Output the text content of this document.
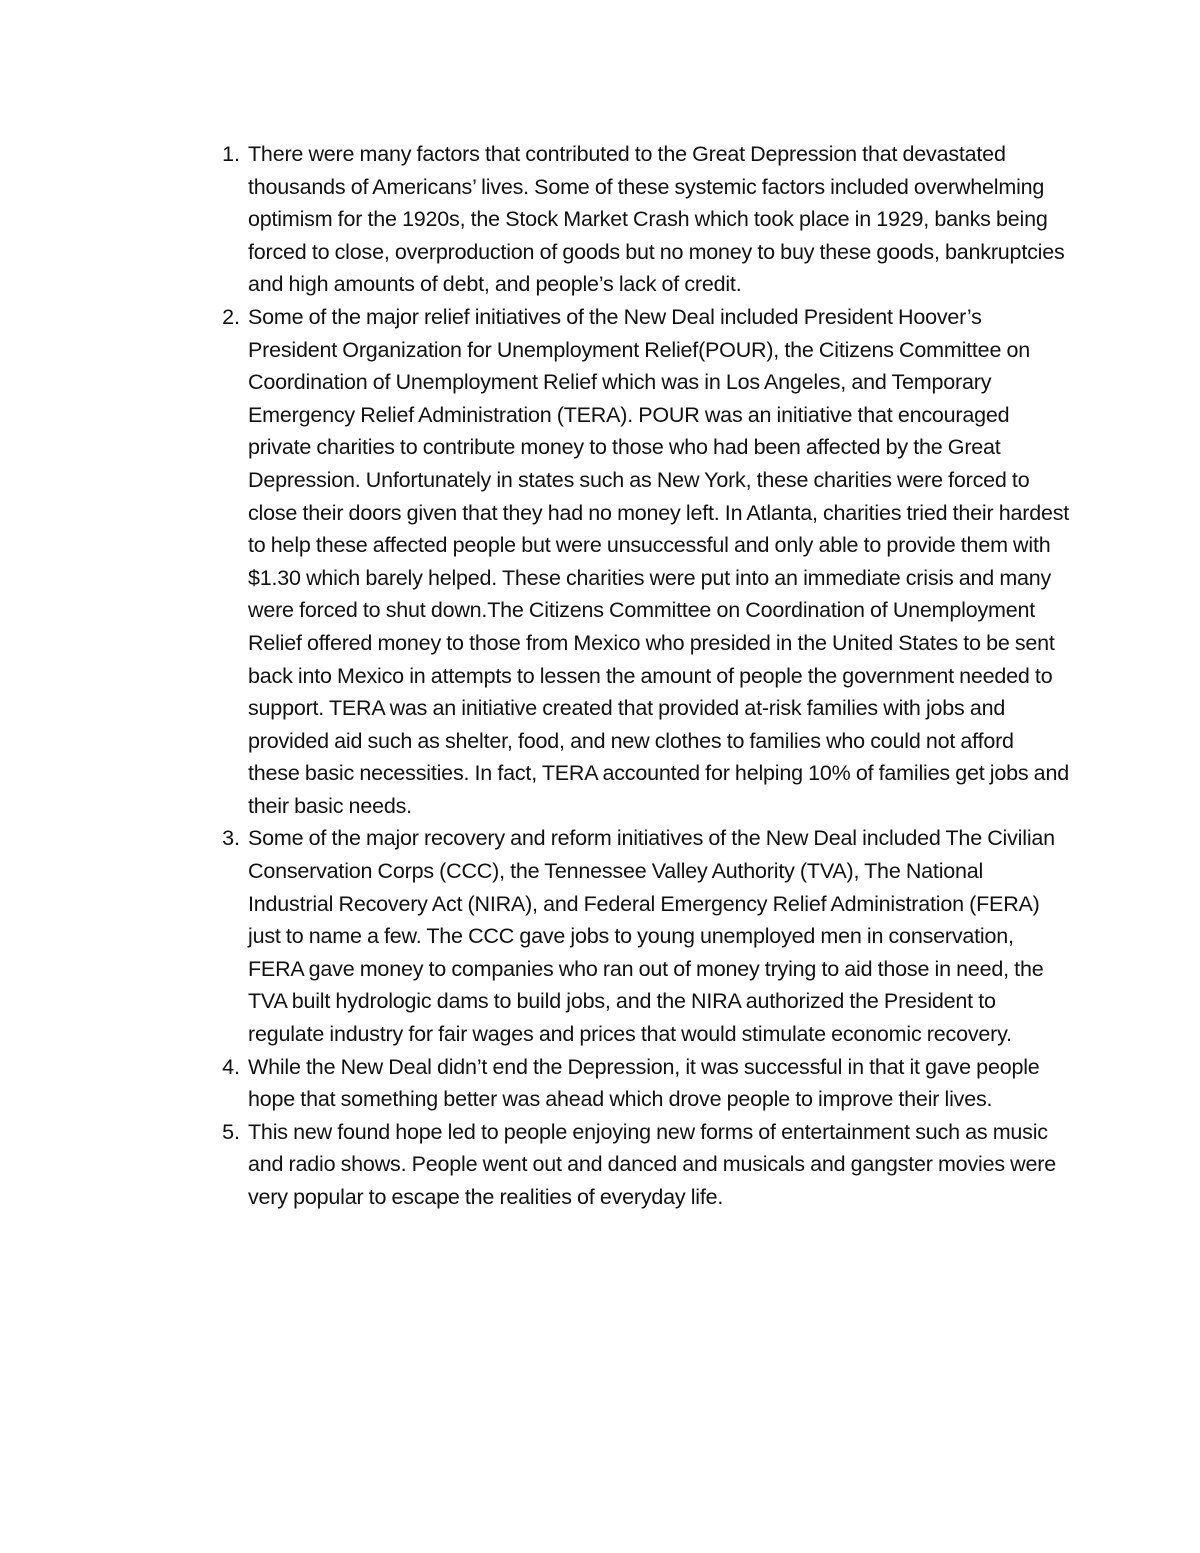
1. There were many factors that contributed to the Great Depression that devastated thousands of Americans’ lives. Some of these systemic factors included overwhelming optimism for the 1920s, the Stock Market Crash which took place in 1929, banks being forced to close, overproduction of goods but no money to buy these goods, bankruptcies and high amounts of debt, and people’s lack of credit.
2. Some of the major relief initiatives of the New Deal included President Hoover’s President Organization for Unemployment Relief(POUR), the Citizens Committee on Coordination of Unemployment Relief which was in Los Angeles, and Temporary Emergency Relief Administration (TERA). POUR was an initiative that encouraged private charities to contribute money to those who had been affected by the Great Depression. Unfortunately in states such as New York, these charities were forced to close their doors given that they had no money left. In Atlanta, charities tried their hardest to help these affected people but were unsuccessful and only able to provide them with $1.30 which barely helped. These charities were put into an immediate crisis and many were forced to shut down.The Citizens Committee on Coordination of Unemployment Relief offered money to those from Mexico who presided in the United States to be sent back into Mexico in attempts to lessen the amount of people the government needed to support. TERA was an initiative created that provided at-risk families with jobs and provided aid such as shelter, food, and new clothes to families who could not afford these basic necessities. In fact, TERA accounted for helping 10% of families get jobs and their basic needs.
3. Some of the major recovery and reform initiatives of the New Deal included The Civilian Conservation Corps (CCC), the Tennessee Valley Authority (TVA), The National Industrial Recovery Act (NIRA), and Federal Emergency Relief Administration (FERA) just to name a few. The CCC gave jobs to young unemployed men in conservation, FERA gave money to companies who ran out of money trying to aid those in need, the TVA built hydrologic dams to build jobs, and the NIRA authorized the President to regulate industry for fair wages and prices that would stimulate economic recovery.
4. While the New Deal didn’t end the Depression, it was successful in that it gave people hope that something better was ahead which drove people to improve their lives.
5. This new found hope led to people enjoying new forms of entertainment such as music and radio shows. People went out and danced and musicals and gangster movies were very popular to escape the realities of everyday life.
